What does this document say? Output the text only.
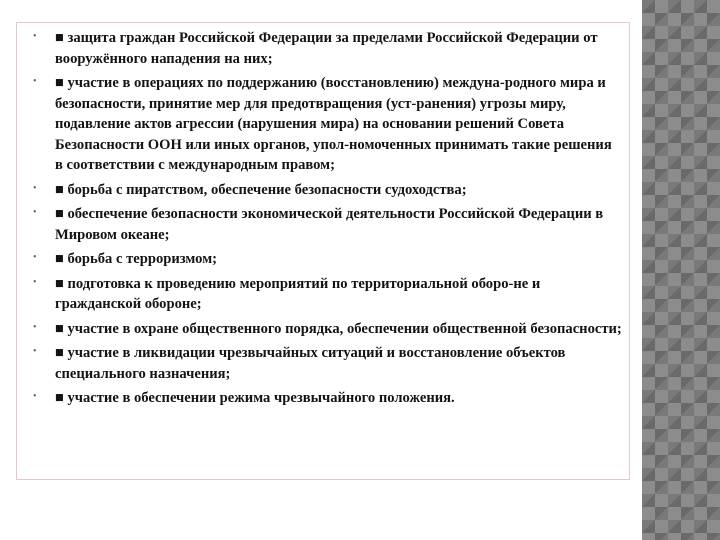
• ■ защита граждан Российской Федерации за пределами Российской Федерации от вооружённого нападения на них;
• ■ участие в операциях по поддержанию (восстановлению) междуна-родного мира и безопасности, принятие мер для предотвращения (уст-ранения) угрозы миру, подавление актов агрессии (нарушения мира) на основании решений Совета Безопасности ООН или иных органов, упол-номоченных принимать такие решения в соответствии с международным правом;
• ■ борьба с пиратством, обеспечение безопасности судоходства;
• ■ обеспечение безопасности экономической деятельности Российской Федерации в Мировом океане;
• ■ борьба с терроризмом;
• ■ подготовка к проведению мероприятий по территориальной оборо-не и гражданской обороне;
• ■ участие в охране общественного порядка, обеспечении общественной безопасности;
• ■ участие в ликвидации чрезвычайных ситуаций и восстановление объектов специального назначения;
• ■ участие в обеспечении режима чрезвычайного положения.
